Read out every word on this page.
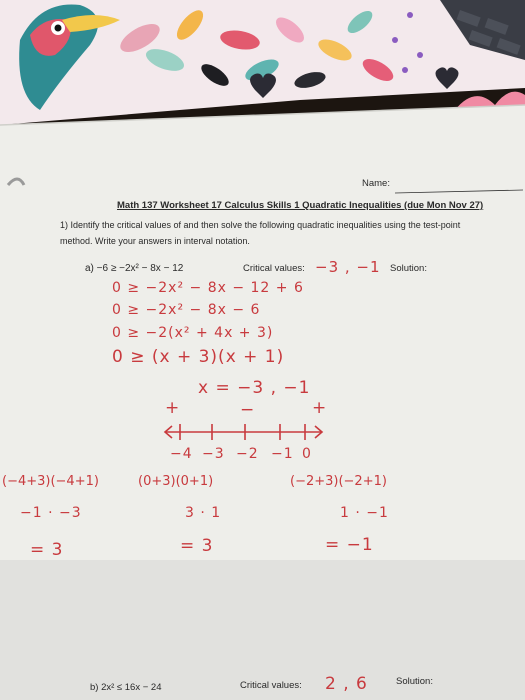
Name:
Math 137 Worksheet 17 Calculus Skills 1 Quadratic Inequalities (due Mon Nov 27)
1) Identify the critical values of and then solve the following quadratic inequalities using the test-point
method. Write your answers in interval notation.
a) −6 ≥ −2x² − 8x − 12	Critical values: −3 , −1 Solution:
0 ≥ −2x² − 8x − 12 + 6
0 ≥ −2x² − 8x − 6
0 ≥ −2(x² + 4x + 3)
0 ≥ (x + 3)(x + 1)
x = −3 , −1
+	−	+
−4 −3 −2 −1 0
(−4+3)(−4+1)	(0+3)(0+1)	(−2+3)(−2+1)
−1 · −3	3 · 1	1 · −1
= 3	= 3	= −1
b) 2x² ≤ 16x − 24	Critical values: 2 , 6	Solution:
